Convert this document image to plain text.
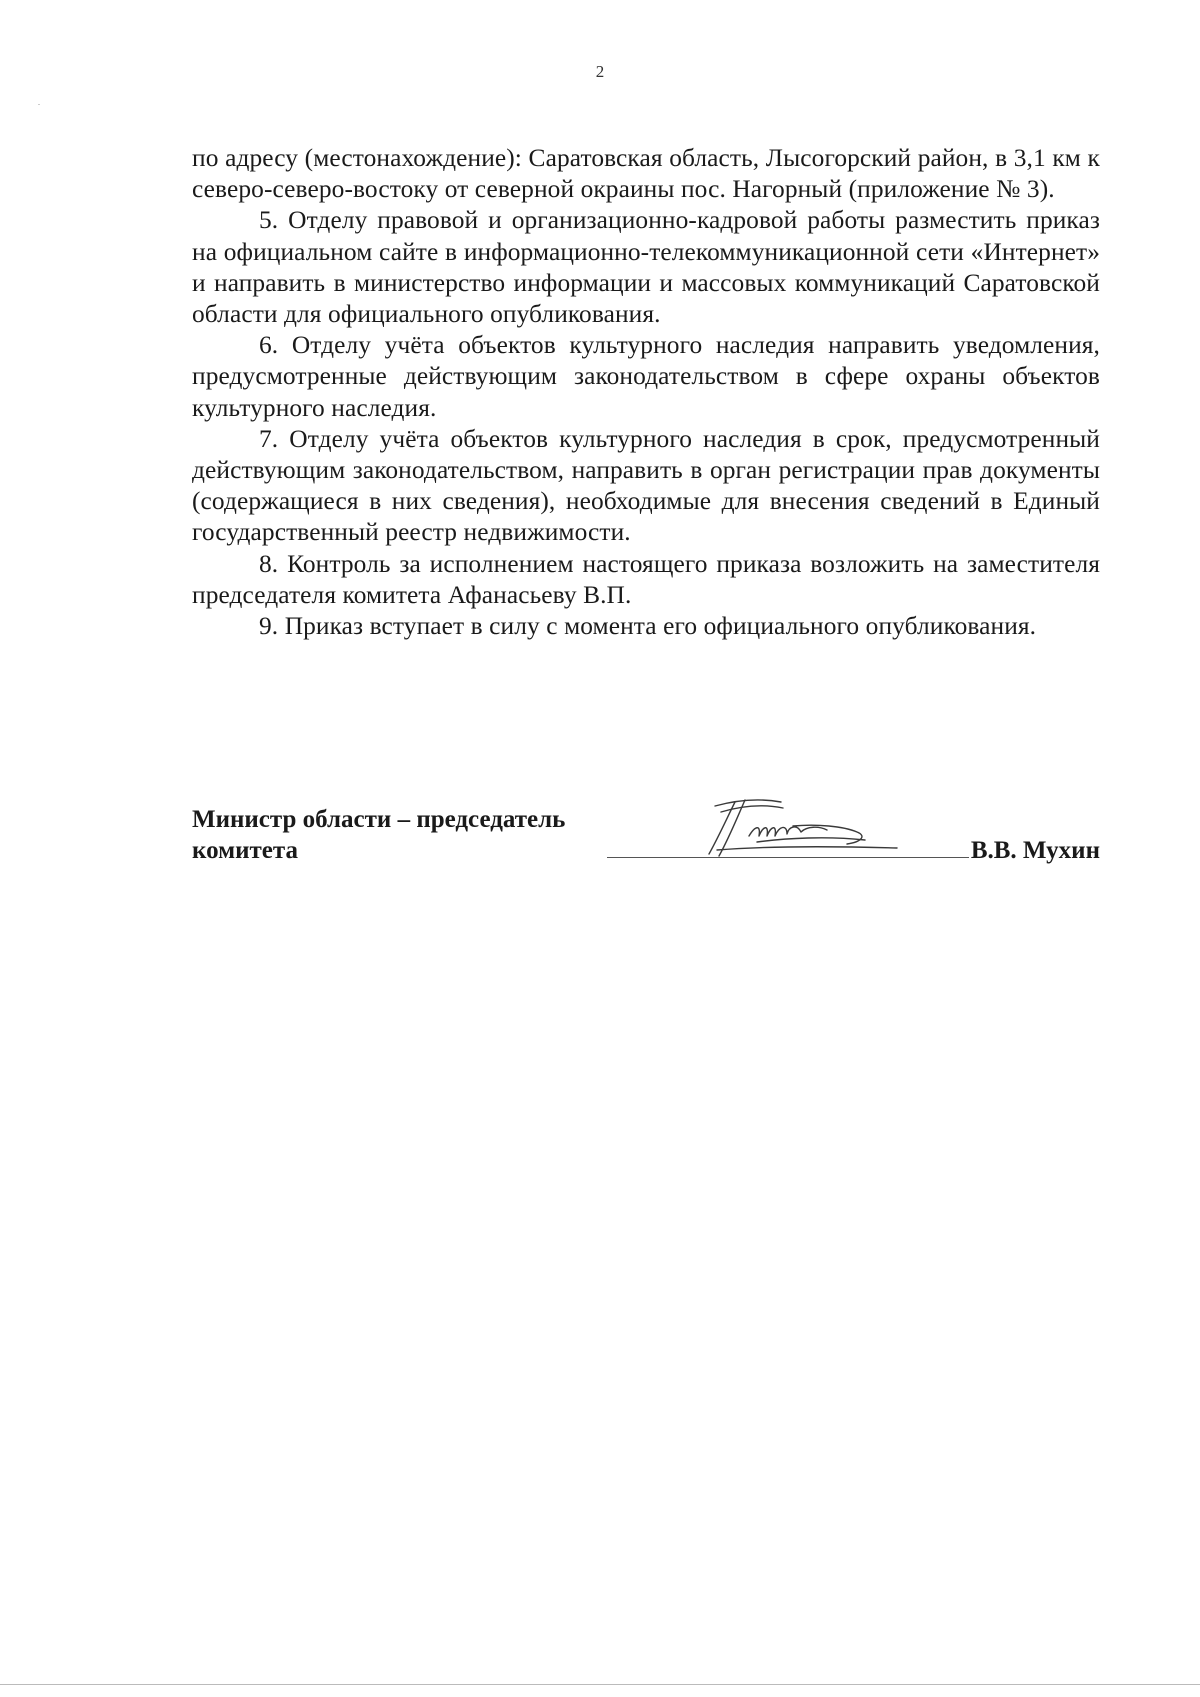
2

по адресу (местонахождение): Саратовская область, Лысогорский район, в 3,1 км к северо-северо-востоку от северной окраины пос. Нагорный (приложение № 3).

5. Отделу правовой и организационно-кадровой работы разместить приказ на официальном сайте в информационно-телекоммуникационной сети «Интернет» и направить в министерство информации и массовых коммуникаций Саратовской области для официального опубликования.

6. Отделу учёта объектов культурного наследия направить уведомления, предусмотренные действующим законодательством в сфере охраны объектов культурного наследия.

7. Отделу учёта объектов культурного наследия в срок, предусмотренный действующим законодательством, направить в орган регистрации прав документы (содержащиеся в них сведения), необходимые для внесения сведений в Единый государственный реестр недвижимости.

8. Контроль за исполнением настоящего приказа возложить на заместителя председателя комитета Афанасьеву В.П.

9. Приказ вступает в силу с момента его официального опубликования.

Министр области – председатель
комитета	В.В. Мухин
